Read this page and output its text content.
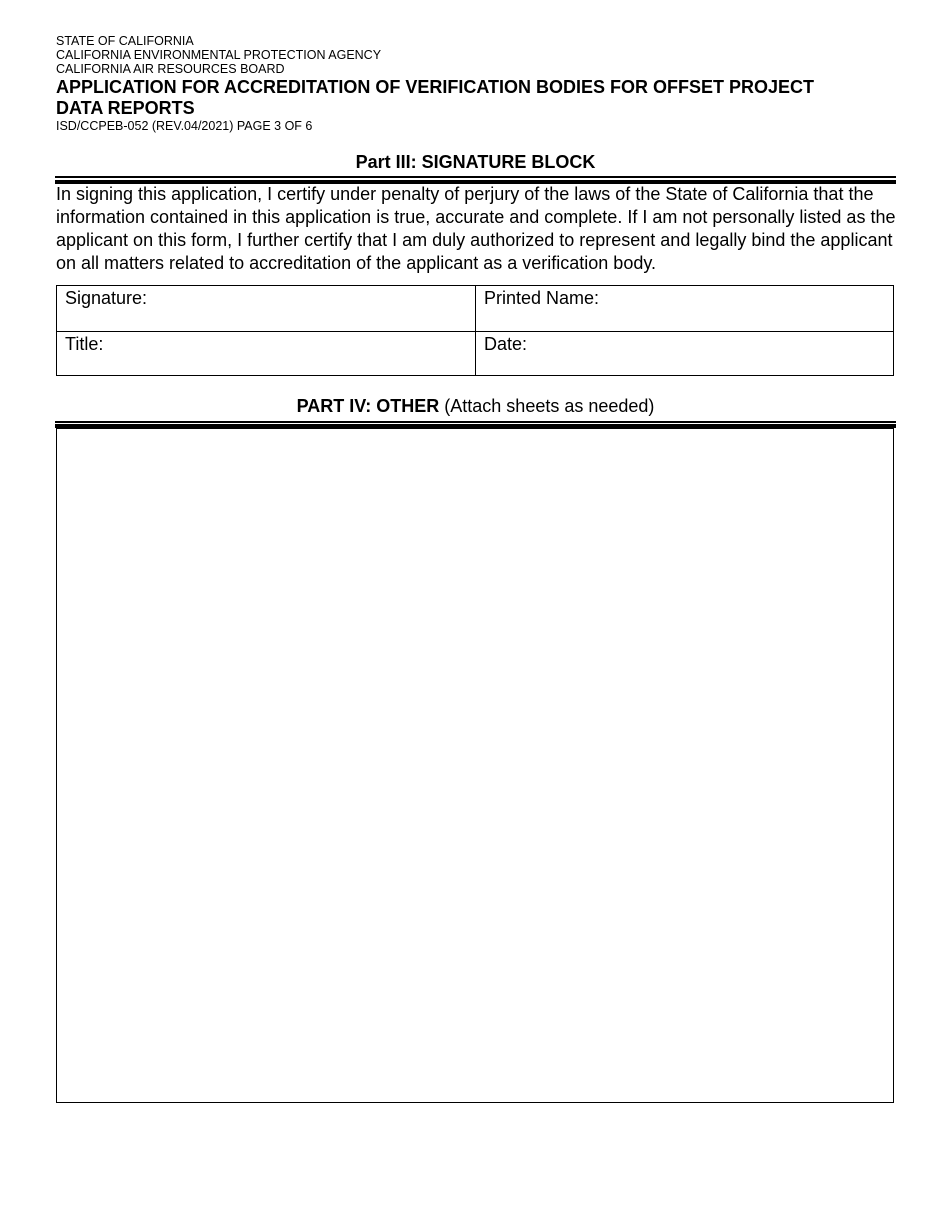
STATE OF CALIFORNIA
CALIFORNIA ENVIRONMENTAL PROTECTION AGENCY
CALIFORNIA AIR RESOURCES BOARD
APPLICATION FOR ACCREDITATION OF VERIFICATION BODIES FOR OFFSET PROJECT
DATA REPORTS
ISD/CCPEB-052 (REV.04/2021) PAGE 3 OF 6
Part III: SIGNATURE BLOCK
In signing this application, I certify under penalty of perjury of the laws of the State of California that the information contained in this application is true, accurate and complete. If I am not personally listed as the applicant on this form, I further certify that I am duly authorized to represent and legally bind the applicant on all matters related to accreditation of the applicant as a verification body.
Signature:	Printed Name:
Title:	Date:
PART IV: OTHER (Attach sheets as needed)
